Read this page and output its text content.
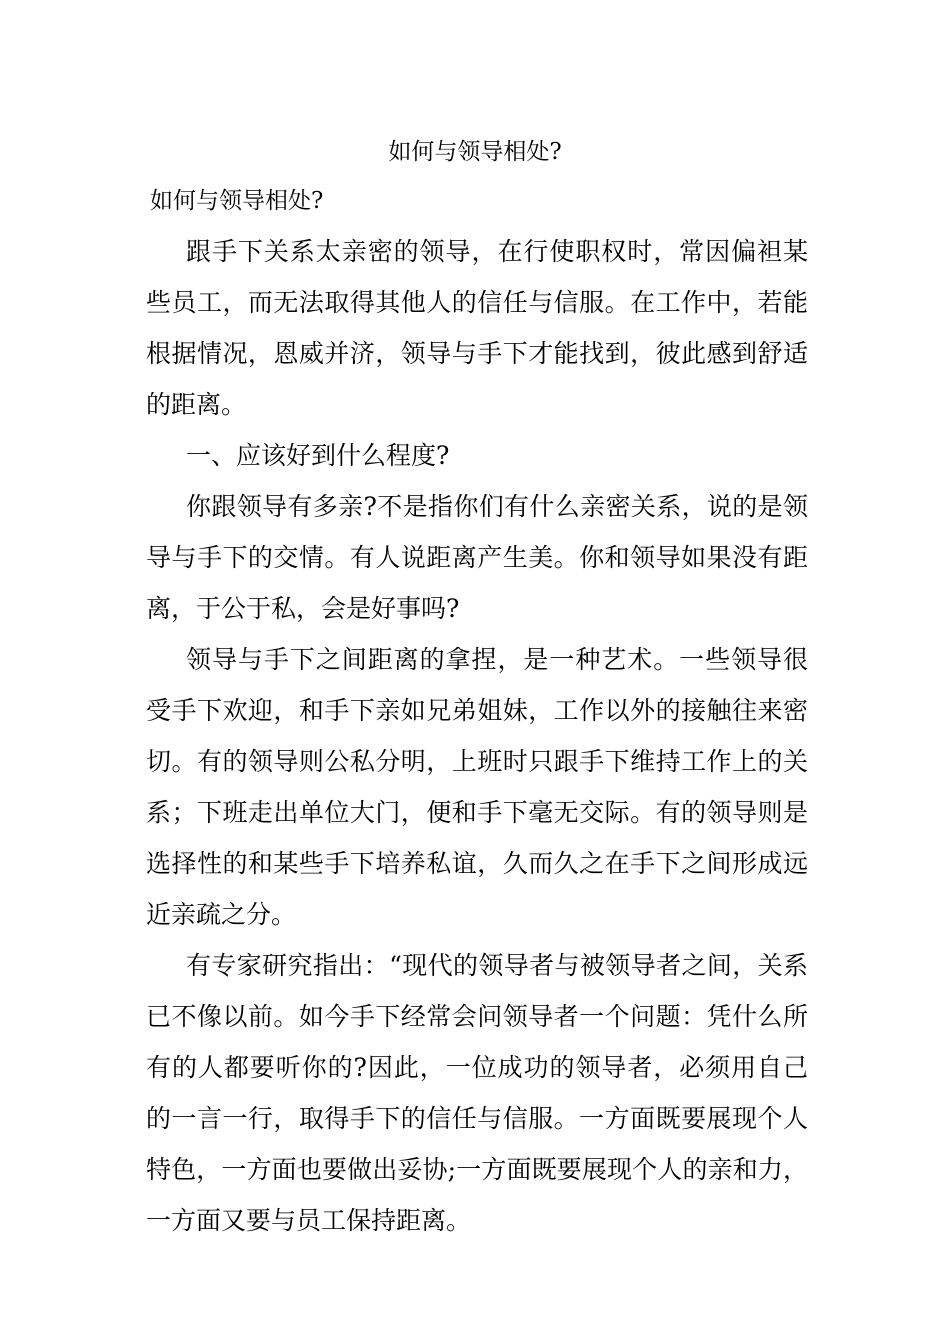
如何与领导相处?

如何与领导相处?

跟手下关系太亲密的领导，在行使职权时，常因偏袒某些员工，而无法取得其他人的信任与信服。在工作中，若能根据情况，恩威并济，领导与手下才能找到，彼此感到舒适的距离。

一、应该好到什么程度?

你跟领导有多亲?不是指你们有什么亲密关系，说的是领导与手下的交情。有人说距离产生美。你和领导如果没有距离，于公于私，会是好事吗?

领导与手下之间距离的拿捏，是一种艺术。一些领导很受手下欢迎，和手下亲如兄弟姐妹，工作以外的接触往来密切。有的领导则公私分明，上班时只跟手下维持工作上的关系；下班走出单位大门，便和手下毫无交际。有的领导则是选择性的和某些手下培养私谊，久而久之在手下之间形成远近亲疏之分。

有专家研究指出：“现代的领导者与被领导者之间，关系已不像以前。如今手下经常会问领导者一个问题：凭什么所有的人都要听你的?因此，一位成功的领导者，必须用自己的一言一行，取得手下的信任与信服。一方面既要展现个人特色，一方面也要做出妥协;一方面既要展现个人的亲和力，一方面又要与员工保持距离。
